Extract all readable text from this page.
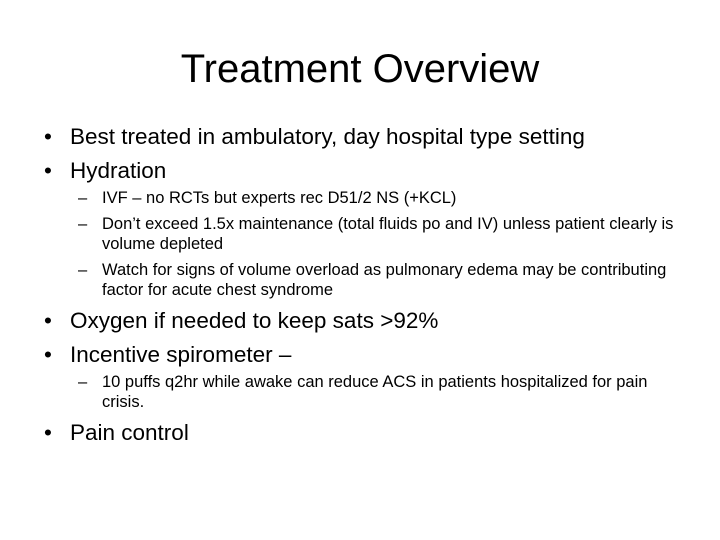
Treatment Overview
• Best treated in ambulatory, day hospital type setting
• Hydration
– IVF – no RCTs but experts rec D51/2 NS (+KCL)
– Don’t exceed 1.5x maintenance (total fluids po and IV) unless patient clearly is volume depleted
– Watch for signs of volume overload as pulmonary edema may be contributing factor for acute chest syndrome
• Oxygen if needed to keep sats >92%
• Incentive spirometer –
– 10 puffs q2hr while awake can reduce ACS in patients hospitalized for pain crisis.
• Pain control
